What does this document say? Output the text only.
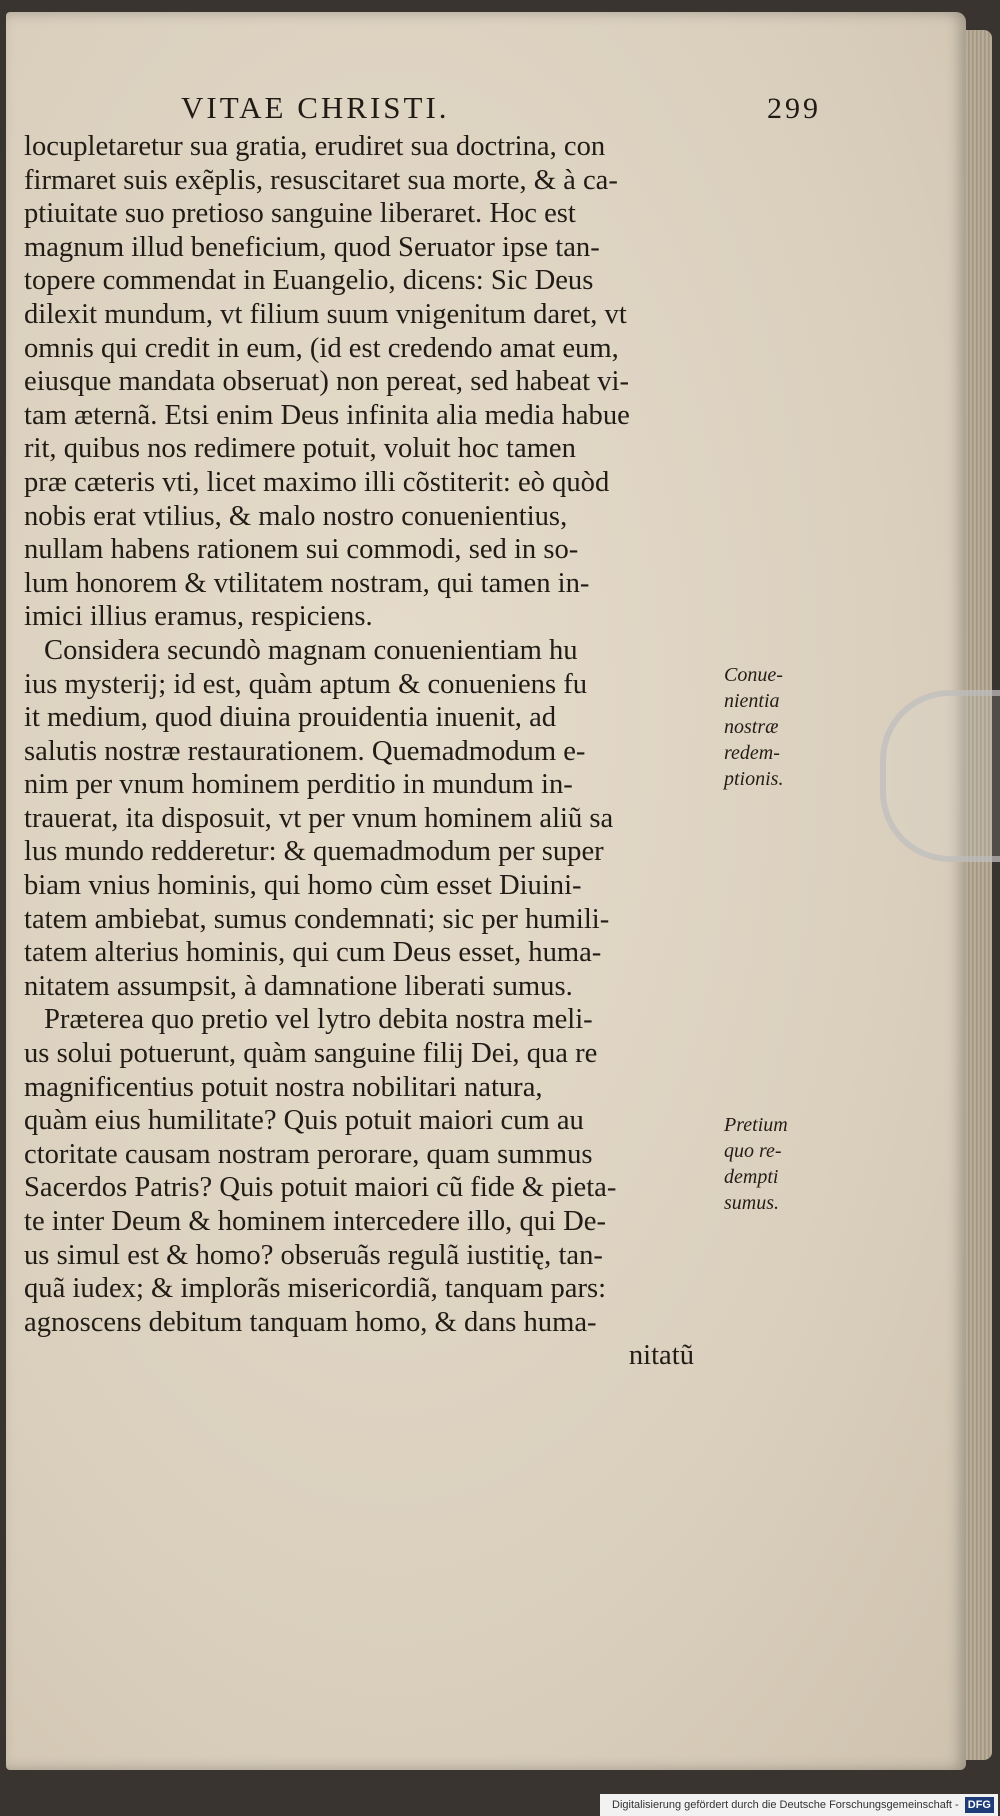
VITAE CHRISTI.	299
locupletaretur sua gratia, erudiret sua doctrina, con
firmaret suis exẽplis, resuscitaret sua morte, & à ca-
ptiuitate suo pretioso sanguine liberaret. Hoc est
magnum illud beneficium, quod Seruator ipse tan-
topere commendat in Euangelio, dicens: Sic Deus
dilexit mundum, vt filium suum vnigenitum daret, vt
omnis qui credit in eum, (id est credendo amat eum,
eiusque mandata obseruat) non pereat, sed habeat vi-
tam æternã. Etsi enim Deus infinita alia media habue
rit, quibus nos redimere potuit, voluit hoc tamen
præ cæteris vti, licet maximo illi cõstiterit: eò quòd
nobis erat vtilius, & malo nostro conuenientius,
nullam habens rationem sui commodi, sed in so-
lum honorem & vtilitatem nostram, qui tamen in-
imici illius eramus, respiciens.
Considera secundò magnam conuenientiam hu
ius mysterij; id est, quàm aptum & conueniens fu
it medium, quod diuina prouidentia inuenit, ad
salutis nostræ restaurationem. Quemadmodum e-
nim per vnum hominem perditio in mundum in-
trauerat, ita disposuit, vt per vnum hominem aliũ sa
lus mundo redderetur: & quemadmodum per super
biam vnius hominis, qui homo cùm esset Diuini-
tatem ambiebat, sumus condemnati; sic per humili-
tatem alterius hominis, qui cum Deus esset, huma-
nitatem assumpsit, à damnatione liberati sumus.
Præterea quo pretio vel lytro debita nostra meli-
us solui potuerunt, quàm sanguine filij Dei, qua re
magnificentius potuit nostra nobilitari natura,
quàm eius humilitate? Quis potuit maiori cum au
ctoritate causam nostram perorare, quam summus
Sacerdos Patris? Quis potuit maiori cũ fide & pieta-
te inter Deum & hominem intercedere illo, qui De-
us simul est & homo? obseruãs regulã iustitię, tan-
quã iudex; & implorãs misericordiã, tanquam pars:
agnoscens debitum tanquam homo, & dans huma-
nitatũ
Conue-
nientia
nostræ
redem-
ptionis.
Pretium
quo re-
dempti
sumus.
Digitalisierung gefördert durch die Deutsche Forschungsgemeinschaft - DFG
